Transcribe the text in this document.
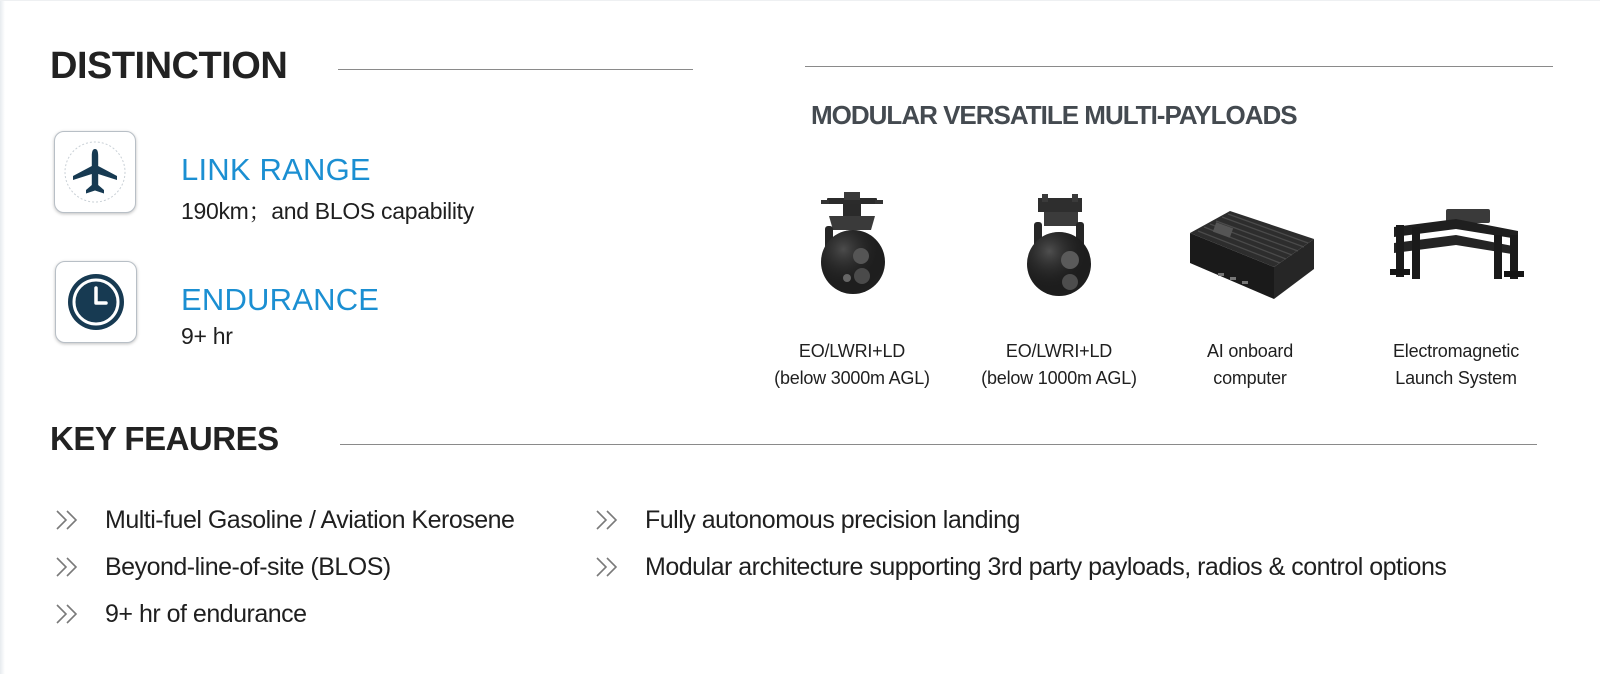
DISTINCTION
LINK RANGE
190km；and BLOS capability
ENDURANCE
9+ hr
MODULAR VERSATILE MULTI-PAYLOADS
EO/LWRI+LD
(below 3000m AGL)
EO/LWRI+LD
(below 1000m AGL)
AI onboard
computer
Electromagnetic
Launch System
KEY FEAURES
Multi-fuel Gasoline / Aviation Kerosene
Beyond-line-of-site (BLOS)
9+ hr of endurance
Fully autonomous precision landing
Modular architecture supporting 3rd party payloads, radios & control options
